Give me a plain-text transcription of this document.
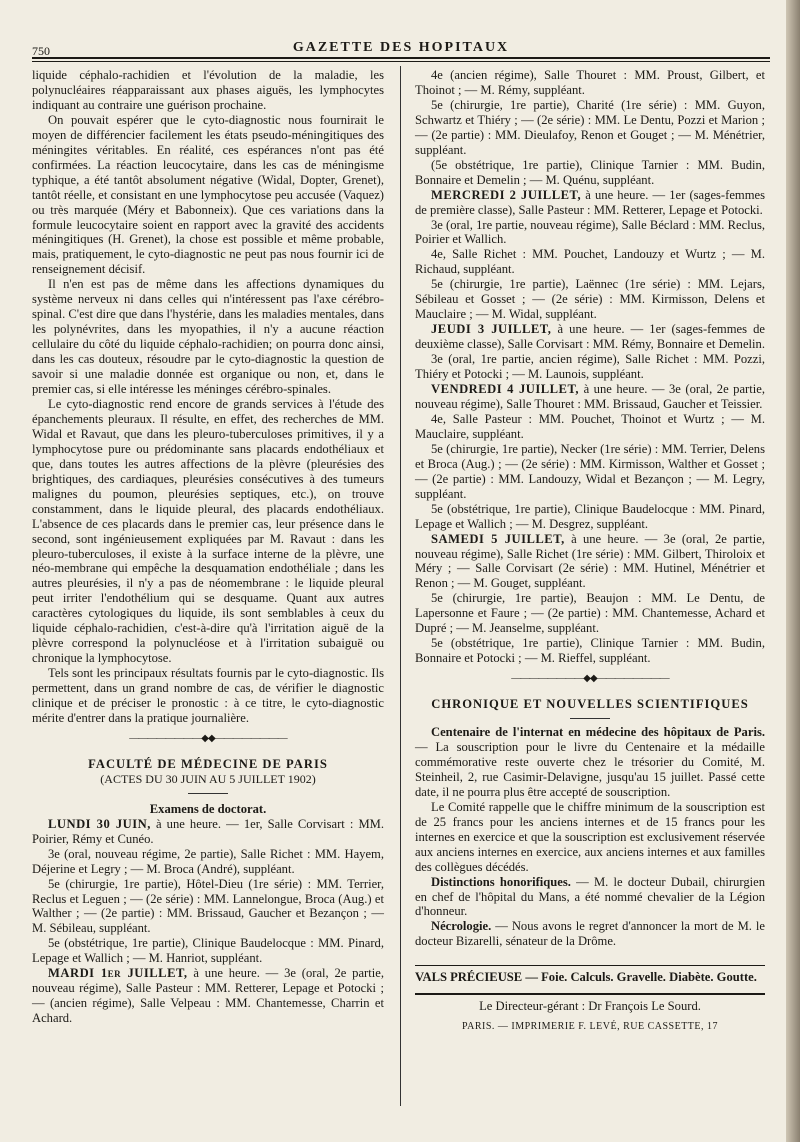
750	GAZETTE DES HOPITAUX

liquide céphalo-rachidien et l'évolution de la maladie, les polynucléaires réapparaissant aux phases aiguës, les lymphocytes indiquant au contraire une guérison prochaine.

On pouvait espérer que le cyto-diagnostic nous fournirait le moyen de différencier facilement les états pseudo-méningitiques des méningites véritables. En réalité, ces espérances n'ont pas été confirmées. La réaction leucocytaire, dans les cas de méningisme typhique, a été tantôt absolument négative (Widal, Dopter, Grenet), tantôt réelle, et consistant en une lymphocytose peu accusée (Vaquez) ou très marquée (Méry et Babonneix). Que ces variations dans la formule leucocytaire soient en rapport avec la gravité des accidents méningitiques (H. Grenet), la chose est possible et même probable, mais, pratiquement, le cyto-diagnostic ne peut pas nous fournir ici de renseignement décisif.

Il n'en est pas de même dans les affections dynamiques du système nerveux ni dans celles qui n'intéressent pas l'axe cérébro-spinal. C'est dire que dans l'hystérie, dans les maladies mentales, dans les polynévrites, dans les myopathies, il n'y a aucune réaction cellulaire du côté du liquide céphalo-rachidien; on pourra donc ainsi, dans les cas douteux, résoudre par le cyto-diagnostic la question de savoir si une maladie donnée est organique ou non, et, dans le premier cas, si elle intéresse les méninges cérébro-spinales.

Le cyto-diagnostic rend encore de grands services à l'étude des épanchements pleuraux. Il résulte, en effet, des recherches de MM. Widal et Ravaut, que dans les pleuro-tuberculoses primitives, il y a lymphocytose pure ou prédominante sans placards endothéliaux et que, dans toutes les autres affections de la plèvre (pleurésies des brightiques, des cardiaques, pleurésies consécutives à des tumeurs malignes du poumon, pleurésies septiques, etc.), on trouve constamment, dans le liquide pleural, des placards endothéliaux. L'absence de ces placards dans le premier cas, leur présence dans le second, sont ingénieusement expliquées par M. Ravaut : dans les pleuro-tuberculoses, il existe à la surface interne de la plèvre, une néo-membrane qui empêche la desquamation endothéliale ; dans les autres pleurésies, il n'y a pas de néomembrane : le liquide pleural peut irriter l'endothélium qui se desquame. Quant aux autres caractères cytologiques du liquide, ils sont semblables à ceux du liquide céphalo-rachidien, c'est-à-dire qu'à l'irritation aiguë de la plèvre correspond la polynucléose et à l'irritation subaiguë ou chronique la lymphocytose.

Tels sont les principaux résultats fournis par le cyto-diagnostic. Ils permettent, dans un grand nombre de cas, de vérifier le diagnostic clinique et de préciser le pronostic : à ce titre, le cyto-diagnostic mérite d'entrer dans la pratique journalière.

————————◆◆————————
FACULTÉ DE MÉDECINE DE PARIS
(ACTES DU 30 JUIN AU 5 JUILLET 1902)
Examens de doctorat.

LUNDI 30 JUIN, à une heure. — 1er, Salle Corvisart : MM. Poirier, Rémy et Cunéo.

3e (oral, nouveau régime, 2e partie), Salle Richet : MM. Hayem, Déjerine et Legry ; — M. Broca (André), suppléant.

5e (chirurgie, 1re partie), Hôtel-Dieu (1re série) : MM. Terrier, Reclus et Leguen ; — (2e série) : MM. Lannelongue, Broca (Aug.) et Walther ; — (2e partie) : MM. Brissaud, Gaucher et Bezançon ; — M. Sébileau, suppléant.

5e (obstétrique, 1re partie), Clinique Baudelocque : MM. Pinard, Lepage et Wallich ; — M. Hanriot, suppléant.

MARDI 1er JUILLET, à une heure. — 3e (oral, 2e partie, nouveau régime), Salle Pasteur : MM. Retterer, Lepage et Potocki ; — (ancien régime), Salle Velpeau : MM. Chantemesse, Charrin et Achard.

4e (ancien régime), Salle Thouret : MM. Proust, Gilbert, et Thoinot ; — M. Rémy, suppléant.

5e (chirurgie, 1re partie), Charité (1re série) : MM. Guyon, Schwartz et Thiéry ; — (2e série) : MM. Le Dentu, Pozzi et Marion ; — (2e partie) : MM. Dieulafoy, Renon et Gouget ; — M. Ménétrier, suppléant.

(5e obstétrique, 1re partie), Clinique Tarnier : MM. Budin, Bonnaire et Demelin ; — M. Quénu, suppléant.

MERCREDI 2 JUILLET, à une heure. — 1er (sages-femmes de première classe), Salle Pasteur : MM. Retterer, Lepage et Potocki.

3e (oral, 1re partie, nouveau régime), Salle Béclard : MM. Reclus, Poirier et Wallich.

4e, Salle Richet : MM. Pouchet, Landouzy et Wurtz ; — M. Richaud, suppléant.

5e (chirurgie, 1re partie), Laënnec (1re série) : MM. Lejars, Sébileau et Gosset ; — (2e série) : MM. Kirmisson, Delens et Mauclaire ; — M. Widal, suppléant.

JEUDI 3 JUILLET, à une heure. — 1er (sages-femmes de deuxième classe), Salle Corvisart : MM. Rémy, Bonnaire et Demelin.

3e (oral, 1re partie, ancien régime), Salle Richet : MM. Pozzi, Thiéry et Potocki ; — M. Launois, suppléant.

VENDREDI 4 JUILLET, à une heure. — 3e (oral, 2e partie, nouveau régime), Salle Thouret : MM. Brissaud, Gaucher et Teissier.

4e, Salle Pasteur : MM. Pouchet, Thoinot et Wurtz ; — M. Mauclaire, suppléant.

5e (chirurgie, 1re partie), Necker (1re série) : MM. Terrier, Delens et Broca (Aug.) ; — (2e série) : MM. Kirmisson, Walther et Gosset ; — (2e partie) : MM. Landouzy, Widal et Bezançon ; — M. Legry, suppléant.

5e (obstétrique, 1re partie), Clinique Baudelocque : MM. Pinard, Lepage et Wallich ; — M. Desgrez, suppléant.

SAMEDI 5 JUILLET, à une heure. — 3e (oral, 2e partie, nouveau régime), Salle Richet (1re série) : MM. Gilbert, Thiroloix et Méry ; — Salle Corvisart (2e série) : MM. Hutinel, Ménétrier et Renon ; — M. Gouget, suppléant.

5e (chirurgie, 1re partie), Beaujon : MM. Le Dentu, de Lapersonne et Faure ; — (2e partie) : MM. Chantemesse, Achard et Dupré ; — M. Jeanselme, suppléant.

5e (obstétrique, 1re partie), Clinique Tarnier : MM. Budin, Bonnaire et Potocki ; — M. Rieffel, suppléant.

————————◆◆————————
CHRONIQUE ET NOUVELLES SCIENTIFIQUES

Centenaire de l'internat en médecine des hôpitaux de Paris. — La souscription pour le livre du Centenaire et la médaille commémorative reste ouverte chez le trésorier du Comité, M. Steinheil, 2, rue Casimir-Delavigne, jusqu'au 15 juillet. Passé cette date, il ne pourra plus être accepté de souscription.

Le Comité rappelle que le chiffre minimum de la souscription est de 25 francs pour les anciens internes et de 15 francs pour les internes en exercice et que la souscription est exclusivement réservée aux anciens internes en exercice, aux anciens internes et aux familles des collègues décédés.

Distinctions honorifiques. — M. le docteur Dubail, chirurgien en chef de l'hôpital du Mans, a été nommé chevalier de la Légion d'honneur.

Nécrologie. — Nous avons le regret d'annoncer la mort de M. le docteur Bizarelli, sénateur de la Drôme.

VALS PRÉCIEUSE — Foie. Calculs. Gravelle. Diabète. Goutte.
Le Directeur-gérant : Dr François Le Sourd.
PARIS. — IMPRIMERIE F. LEVÉ, RUE CASSETTE, 17
